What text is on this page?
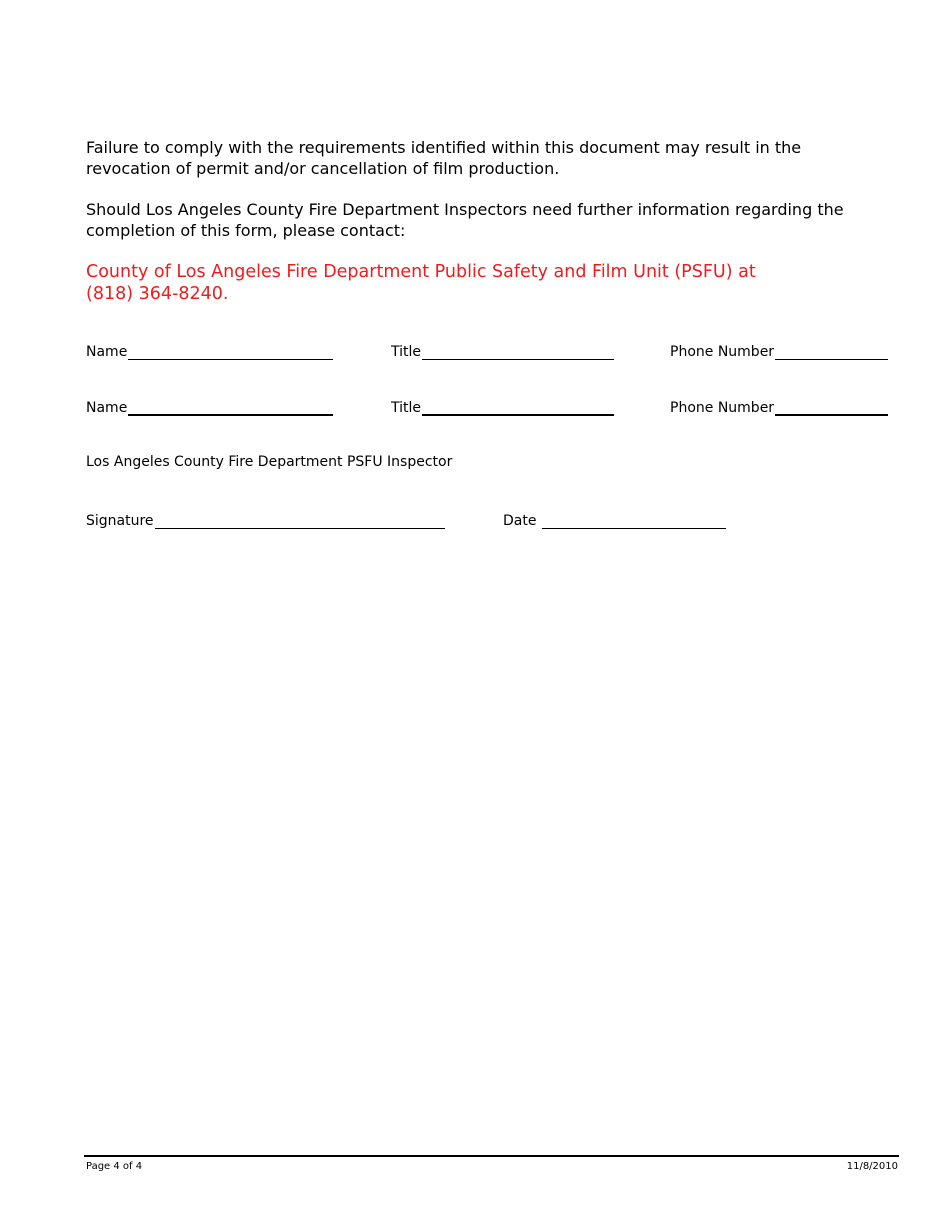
Failure to comply with the requirements identified within this document may result in the revocation of permit and/or cancellation of film production.

Should Los Angeles County Fire Department Inspectors need further information regarding the completion of this form, please contact:

County of Los Angeles Fire Department Public Safety and Film Unit (PSFU) at
(818) 364-8240.
Name	Title	Phone Number
Name	Title	Phone Number

Los Angeles County Fire Department PSFU Inspector

Signature	Date
Page 4 of 4	11/8/2010
